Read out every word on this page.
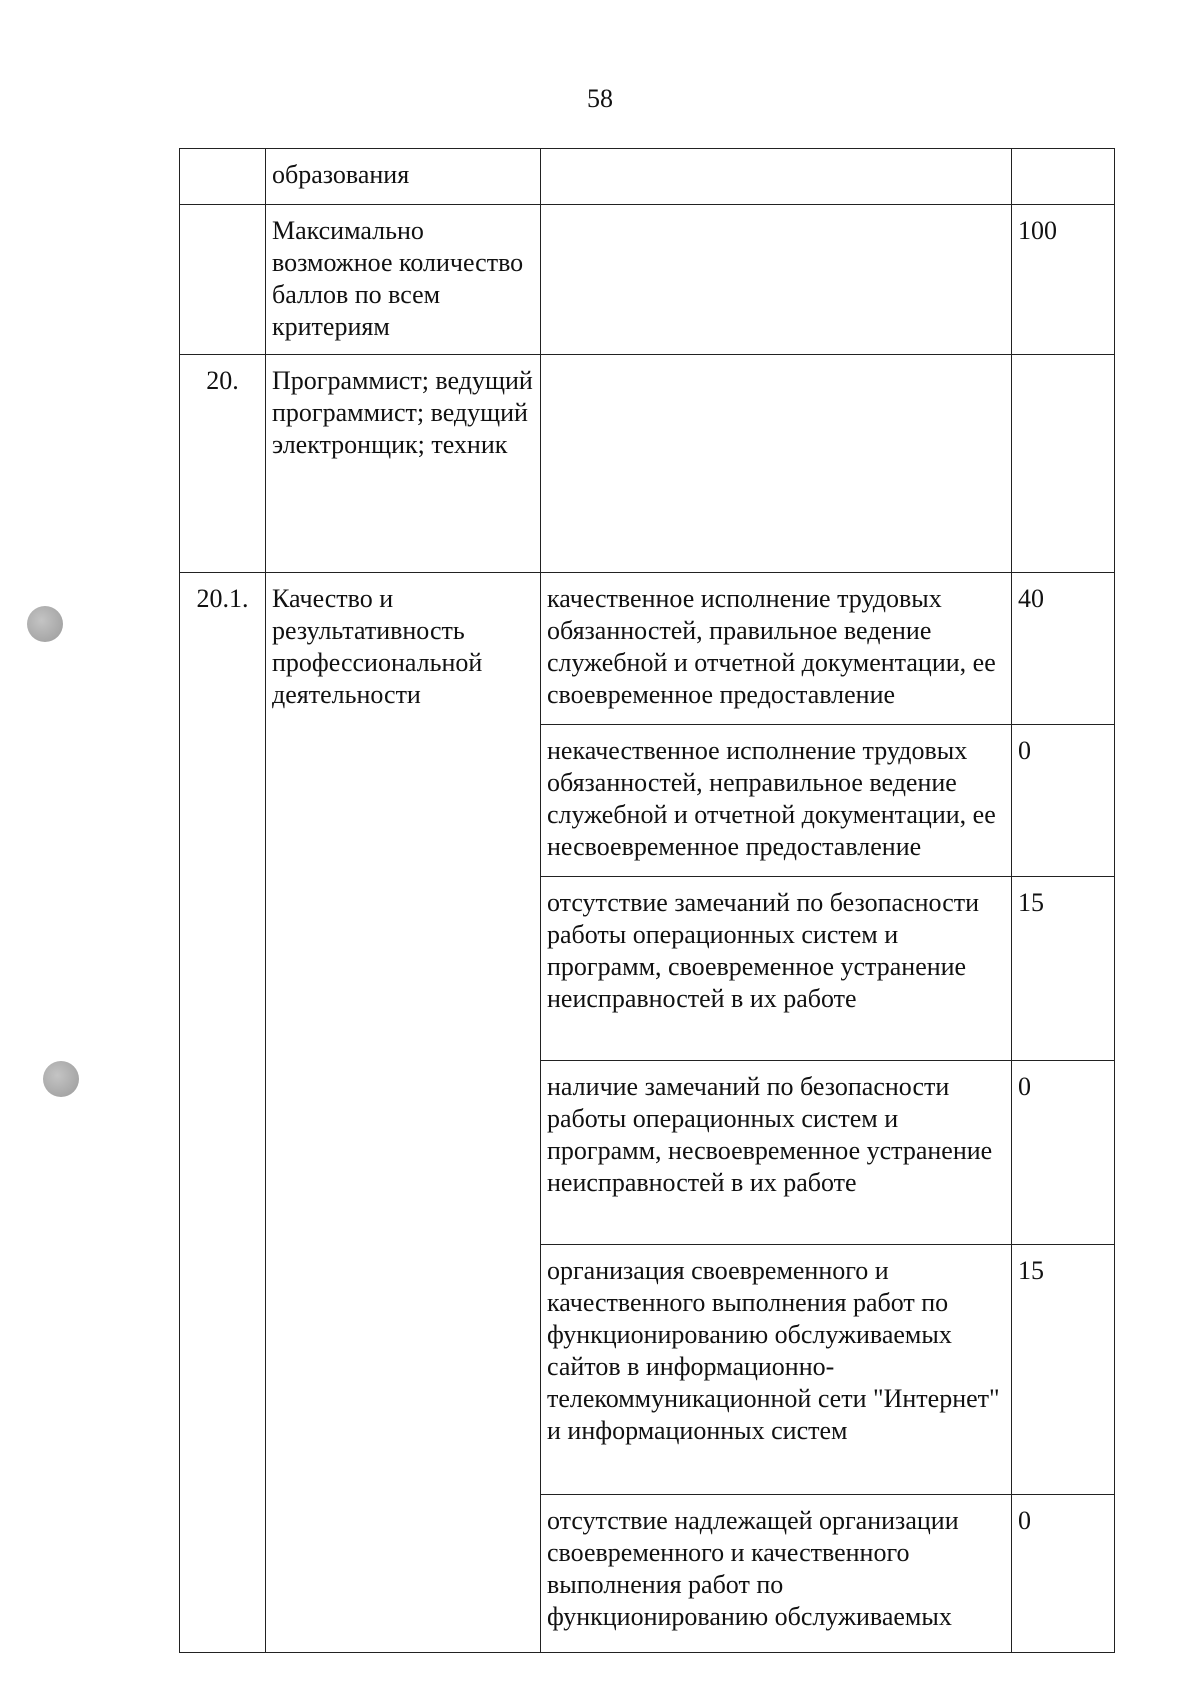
58
	образования		
	Максимально возможное количество баллов по всем критериям		100
20.	Программист; ведущий программист; ведущий электронщик; техник		
20.1.	Качество и результативность профессиональной деятельности	качественное исполнение трудовых обязанностей, правильное ведение служебной и отчетной документации, ее своевременное предоставление	40
		некачественное исполнение трудовых обязанностей, неправильное ведение служебной и отчетной документации, ее несвоевременное предоставление	0
		отсутствие замечаний по безопасности работы операционных систем и программ, своевременное устранение неисправностей в их работе	15
		наличие замечаний по безопасности работы операционных систем и программ, несвоевременное устранение неисправностей в их работе	0
		организация своевременного и качественного выполнения работ по функционированию обслуживаемых сайтов в информационно-телекоммуникационной сети "Интернет" и информационных систем	15
		отсутствие надлежащей организации своевременного и качественного выполнения работ по функционированию обслуживаемых	0
